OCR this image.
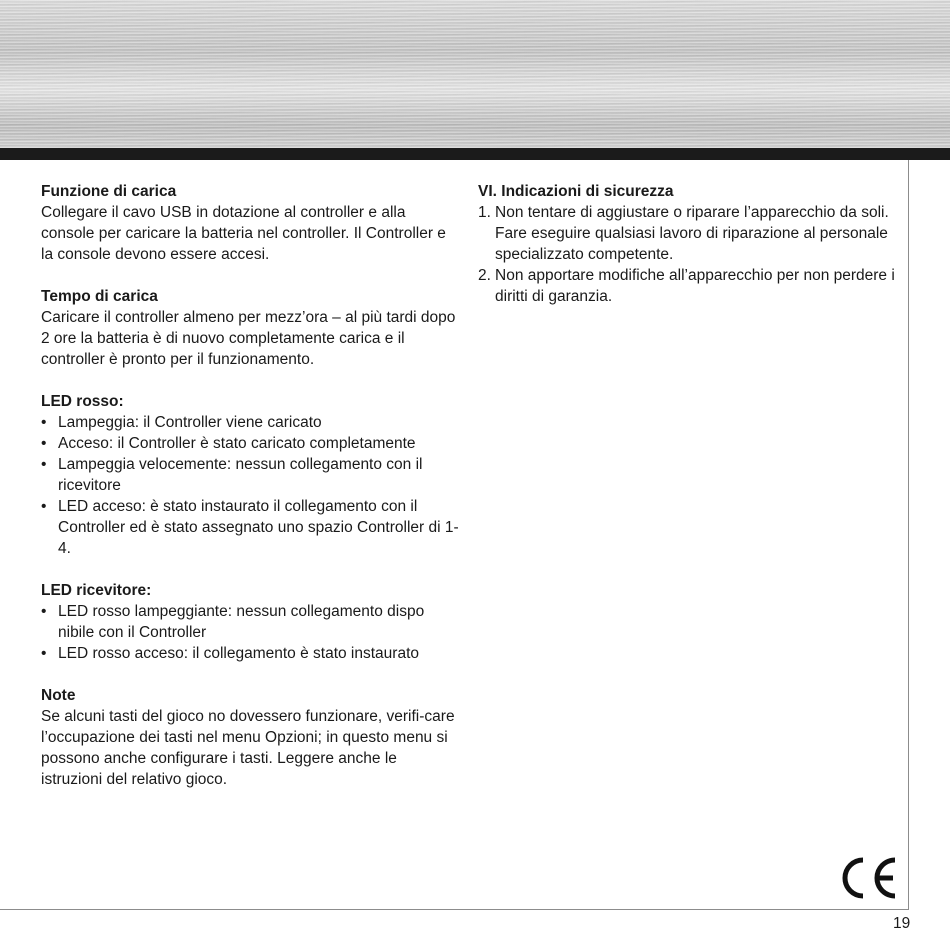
Funzione di carica

Collegare il cavo USB in dotazione al controller e alla console per caricare la batteria nel controller. Il Controller e la console devono essere accesi.

Tempo di carica

Caricare il controller almeno per mezz’ora – al più tardi dopo 2 ore la batteria è di nuovo completamente carica e il controller è pronto per il funzionamento.

LED rosso:
• Lampeggia: il Controller viene caricato
• Acceso: il Controller è stato caricato completamente
• Lampeggia velocemente: nessun collegamento con il ricevitore
• LED acceso: è stato instaurato il collegamento con il Controller ed è stato assegnato uno spazio Controller di 1-4.
LED ricevitore:
• LED rosso lampeggiante: nessun collegamento dispo nibile con il Controller
• LED rosso acceso: il collegamento è stato instaurato
Note

Se alcuni tasti del gioco no dovessero funzionare, verifi-care l’occupazione dei tasti nel menu Opzioni; in questo menu si possono anche configurare i tasti. Leggere anche le istruzioni del relativo gioco.

VI. Indicazioni di sicurezza
1. Non tentare di aggiustare o riparare l’apparecchio da soli. Fare eseguire qualsiasi lavoro di riparazione al personale specializzato competente.
2. Non apportare modifiche all’apparecchio per non perdere i diritti di garanzia.
19
